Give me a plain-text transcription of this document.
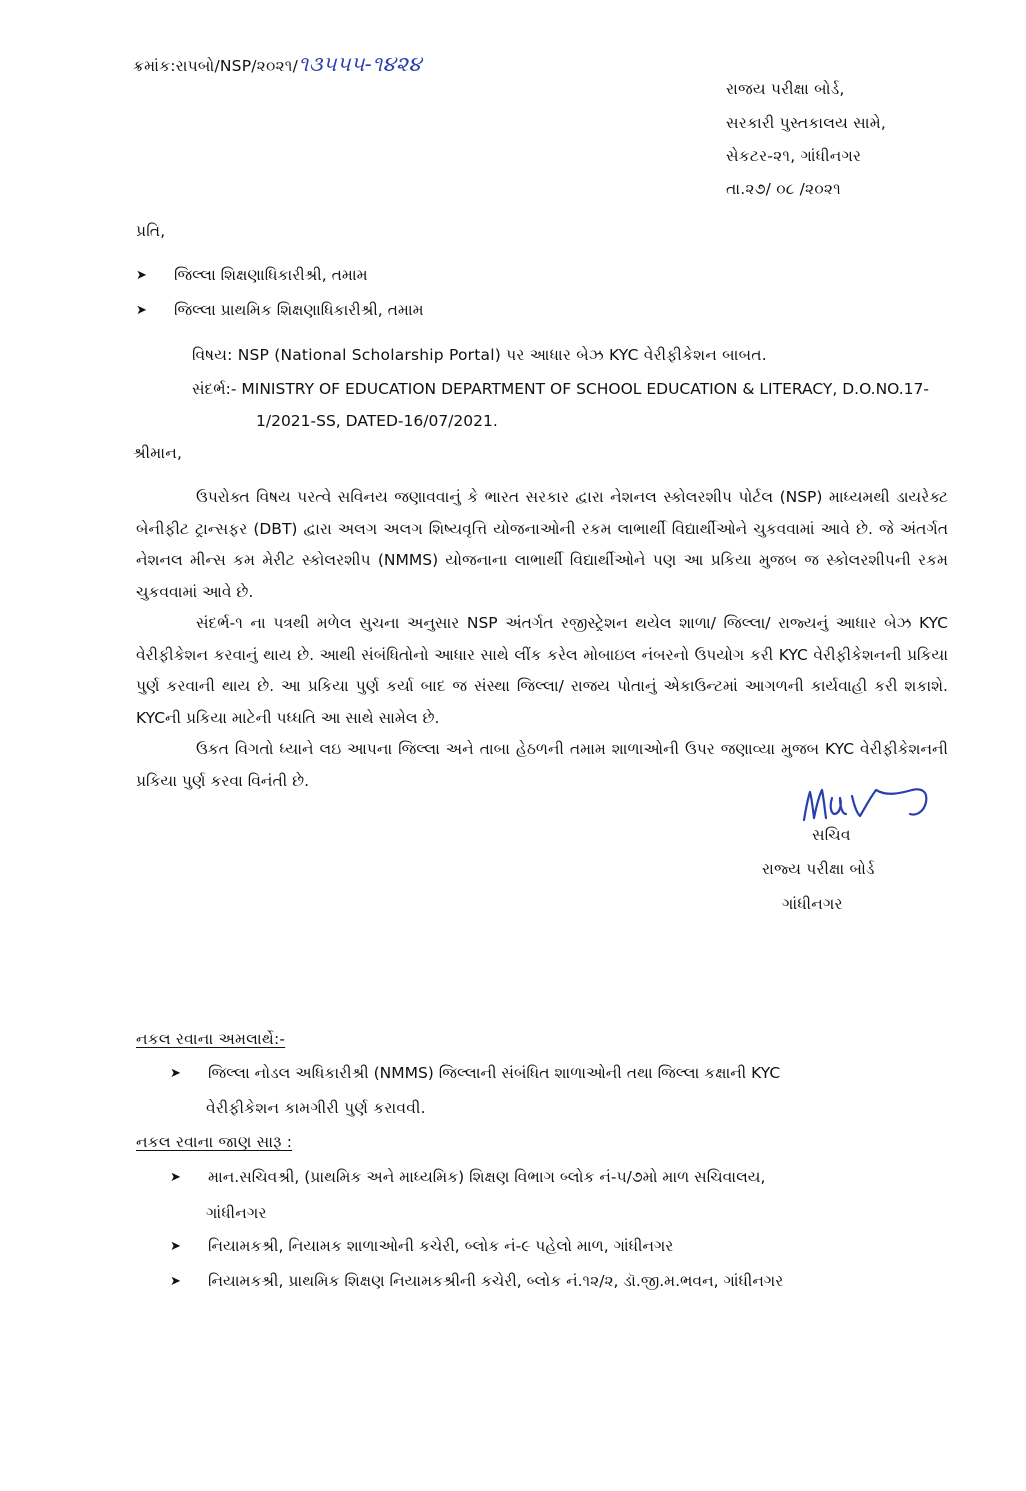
ક્રમાંક:રાપબો/NSP/૨૦૨૧/૧૩૫૫૫-૧૪૨૪
રાજય પરીક્ષા બોર્ડ,
સરકારી પુસ્તકાલય સામે,
સેકટર-૨૧, ગાંધીનગર
તા.૨૭/ ૦૮ /૨૦૨૧
પ્રતિ,
➤	જિલ્લા શિક્ષણાધિકારીશ્રી, તમામ
➤	જિલ્લા પ્રાથમિક શિક્ષણાધિકારીશ્રી, તમામ
વિષય: NSP (National Scholarship Portal) પર આધાર બેઝ KYC વેરીફીકેશન બાબત.
સંદર્ભ:- MINISTRY OF EDUCATION DEPARTMENT OF SCHOOL EDUCATION & LITERACY, D.O.NO.17-
1/2021-SS, DATED-16/07/2021.
શ્રીમાન,
ઉપરોક્ત વિષય પરત્વે સવિનય જણાવવાનું કે ભારત સરકાર દ્વારા નેશનલ સ્કોલરશીપ પોર્ટલ (NSP) માધ્યમથી ડાયરેક્ટ બેનીફીટ ટ્રાન્સફર (DBT) દ્વારા અલગ અલગ શિષ્યવૃત્તિ યોજનાઓની રકમ લાભાર્થી વિદ્યાર્થીઓને ચુકવવામાં આવે છે. જે અંતર્ગત નેશનલ મીન્સ કમ મેરીટ સ્કોલરશીપ (NMMS) યોજનાના લાભાર્થી વિદ્યાર્થીઓને પણ આ પ્રકિયા મુજબ જ સ્કોલરશીપની રકમ ચુકવવામાં આવે છે.
સંદર્ભ-૧ ના પત્રથી મળેલ સુચના અનુસાર NSP અંતર્ગત રજીસ્ટ્રેશન થયેલ શાળા/ જિલ્લા/ રાજ્યનું આધાર બેઝ KYC વેરીફીકેશન કરવાનું થાય છે. આથી સંબંધિતોનો આધાર સાથે લીંક કરેલ મોબાઇલ નંબરનો ઉપયોગ કરી KYC વેરીફીકેશનની પ્રકિયા પુર્ણ કરવાની થાય છે. આ પ્રકિયા પુર્ણ કર્યા બાદ જ સંસ્થા જિલ્લા/ રાજય પોતાનું એકાઉન્ટમાં આગળની કાર્યવાહી કરી શકાશે. KYCની પ્રકિયા માટેની પધ્ધતિ આ સાથે સામેલ છે.
ઉકત વિગતો ધ્યાને લઇ આપના જિલ્લા અને તાબા હેઠળની તમામ શાળાઓની ઉપર જણાવ્યા મુજબ KYC વેરીફીકેશનની પ્રકિયા પુર્ણ કરવા વિનંતી છે.
સચિવ
રાજ્ય પરીક્ષા બોર્ડ
ગાંધીનગર
નકલ રવાના અમલાર્થે:-
➤	જિલ્લા નોડલ અધિકારીશ્રી (NMMS) જિલ્લાની સંબંધિત શાળાઓની તથા જિલ્લા કક્ષાની KYC
વેરીફીકેશન કામગીરી પુર્ણ કરાવવી.
નકલ રવાના જાણ સારૂ :
➤	માન.સચિવશ્રી, (પ્રાથમિક અને માધ્યમિક) શિક્ષણ વિભાગ બ્લોક નં-૫/૭મો માળ સચિવાલય,
ગાંધીનગર
➤	નિયામકશ્રી, નિયામક શાળાઓની કચેરી, બ્લોક નં-૯ પહેલો માળ, ગાંધીનગર
➤	નિયામકશ્રી, પ્રાથમિક શિક્ષણ નિયામકશ્રીની કચેરી, બ્લોક નં.૧૨/૨, ડૉ.જી.મ.ભવન, ગાંધીનગર
